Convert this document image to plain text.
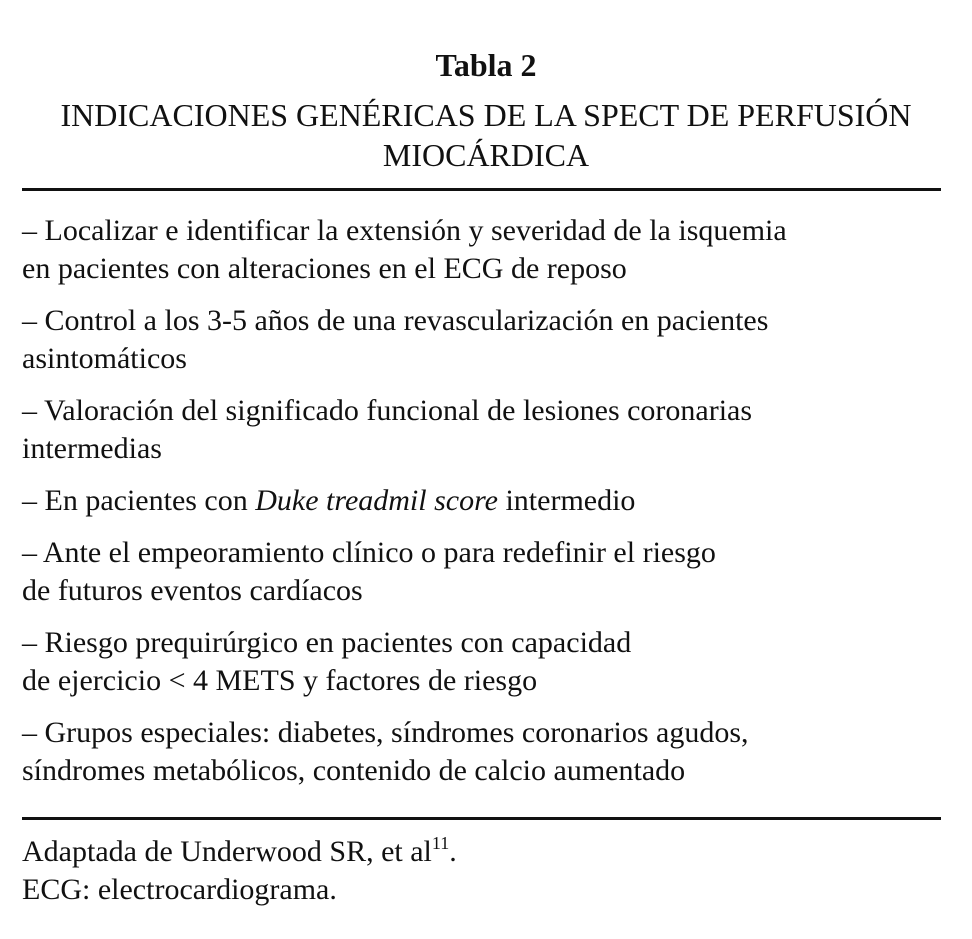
Tabla 2
INDICACIONES GENÉRICAS DE LA SPECT DE PERFUSIÓN
MIOCÁRDICA
– Localizar e identificar la extensión y severidad de la isquemia
en pacientes con alteraciones en el ECG de reposo
– Control a los 3-5 años de una revascularización en pacientes
asintomáticos
– Valoración del significado funcional de lesiones coronarias
intermedias
– En pacientes con Duke treadmil score intermedio
– Ante el empeoramiento clínico o para redefinir el riesgo
de futuros eventos cardíacos
– Riesgo prequirúrgico en pacientes con capacidad
de ejercicio < 4 METS y factores de riesgo
– Grupos especiales: diabetes, síndromes coronarios agudos,
síndromes metabólicos, contenido de calcio aumentado
Adaptada de Underwood SR, et $al^{11}$.
ECG: electrocardiograma.
